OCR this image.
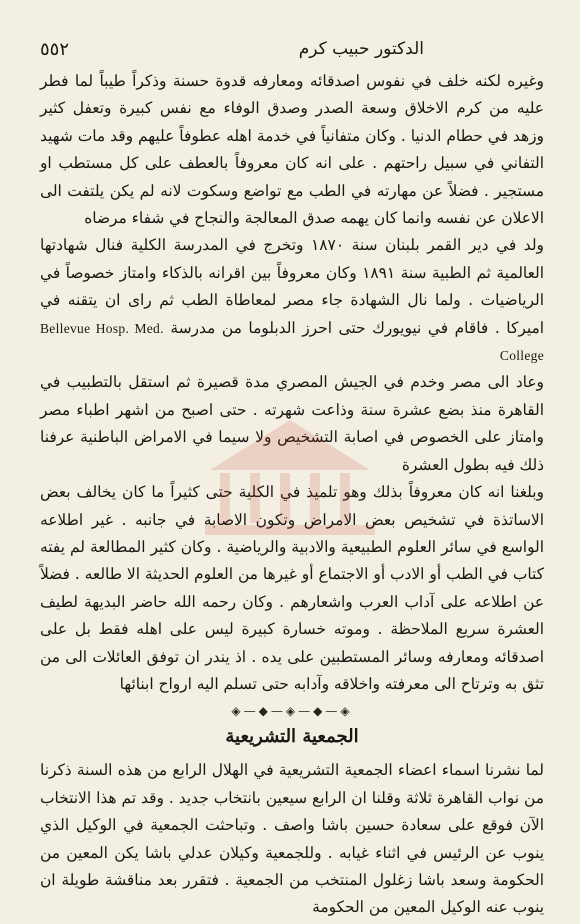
٥٥٢	الدكتور حبيب كرم

وغيره لكنه خلف في نفوس اصدقائه ومعارفه قدوة حسنة وذكراً طيباً لما فطر عليه من كرم الاخلاق وسعة الصدر وصدق الوفاء مع نفس كبيرة وتعفل كثير وزهد في حطام الدنيا . وكان متفانياً في خدمة اهله عطوفاً عليهم وقد مات شهيد التفاني في سبيل راحتهم . على انه كان معروفاً بالعطف على كل مستطب او مستجير . فضلاً عن مهارته في الطب مع تواضع وسكوت لانه لم يكن يلتفت الى الاعلان عن نفسه وانما كان يهمه صدق المعالجة والنجاح في شفاء مرضاه

ولد في دير القمر بلبنان سنة ١٨٧٠ وتخرج في المدرسة الكلية فنال شهادتها العالمية ثم الطبية سنة ١٨٩١ وكان معروفاً بين اقرانه بالذكاء وامتاز خصوصاً في الرياضيات . ولما نال الشهادة جاء مصر لمعاطاة الطب ثم راى ان يتقنه في اميركا . فاقام في نيويورك حتى احرز الدبلوما من مدرسة Bellevue Hosp. Med. College

وعاد الى مصر وخدم في الجيش المصري مدة قصيرة ثم استقل بالتطبيب في القاهرة منذ بضع عشرة سنة وذاعت شهرته . حتى اصبح من اشهر اطباء مصر وامتاز على الخصوص في اصابة التشخيص ولا سيما في الامراض الباطنية عرفنا ذلك فيه بطول العشرة

وبلغنا انه كان معروفاً بذلك وهو تلميذ في الكلية حتى كثيراً ما كان يخالف بعض الاساتذة في تشخيص بعض الامراض وتكون الاصابة في جانبه . غير اطلاعه الواسع في سائر العلوم الطبيعية والادبية والرياضية . وكان كثير المطالعة لم يفته كتاب في الطب أو الادب أو الاجتماع أو غيرها من العلوم الحديثة الا طالعه . فضلاً عن اطلاعه على آداب العرب واشعارهم . وكان رحمه الله حاضر البديهة لطيف العشرة سريع الملاحظة . وموته خسارة كبيرة ليس على اهله فقط بل على اصدقائه ومعارفه وسائر المستطبين على يده . اذ يندر ان توفق العائلات الى من تثق به وترتاح الى معرفته واخلاقه وآدابه حتى تسلم اليه ارواح ابنائها

◈—◆—◈—◆—◈
الجمعية التشريعية

لما نشرنا اسماء اعضاء الجمعية التشريعية في الهلال الرابع من هذه السنة ذكرنا من نواب القاهرة ثلاثة وقلنا ان الرابع سيعين بانتخاب جديد . وقد تم هذا الانتخاب الآن فوقع على سعادة حسين باشا واصف . وتباحثت الجمعية في الوكيل الذي ينوب عن الرئيس في اثناء غيابه . وللجمعية وكيلان عدلي باشا يكن المعين من الحكومة وسعد باشا زغلول المنتخب من الجمعية . فتقرر بعد مناقشة طويلة ان ينوب عنه الوكيل المعين من الحكومة
